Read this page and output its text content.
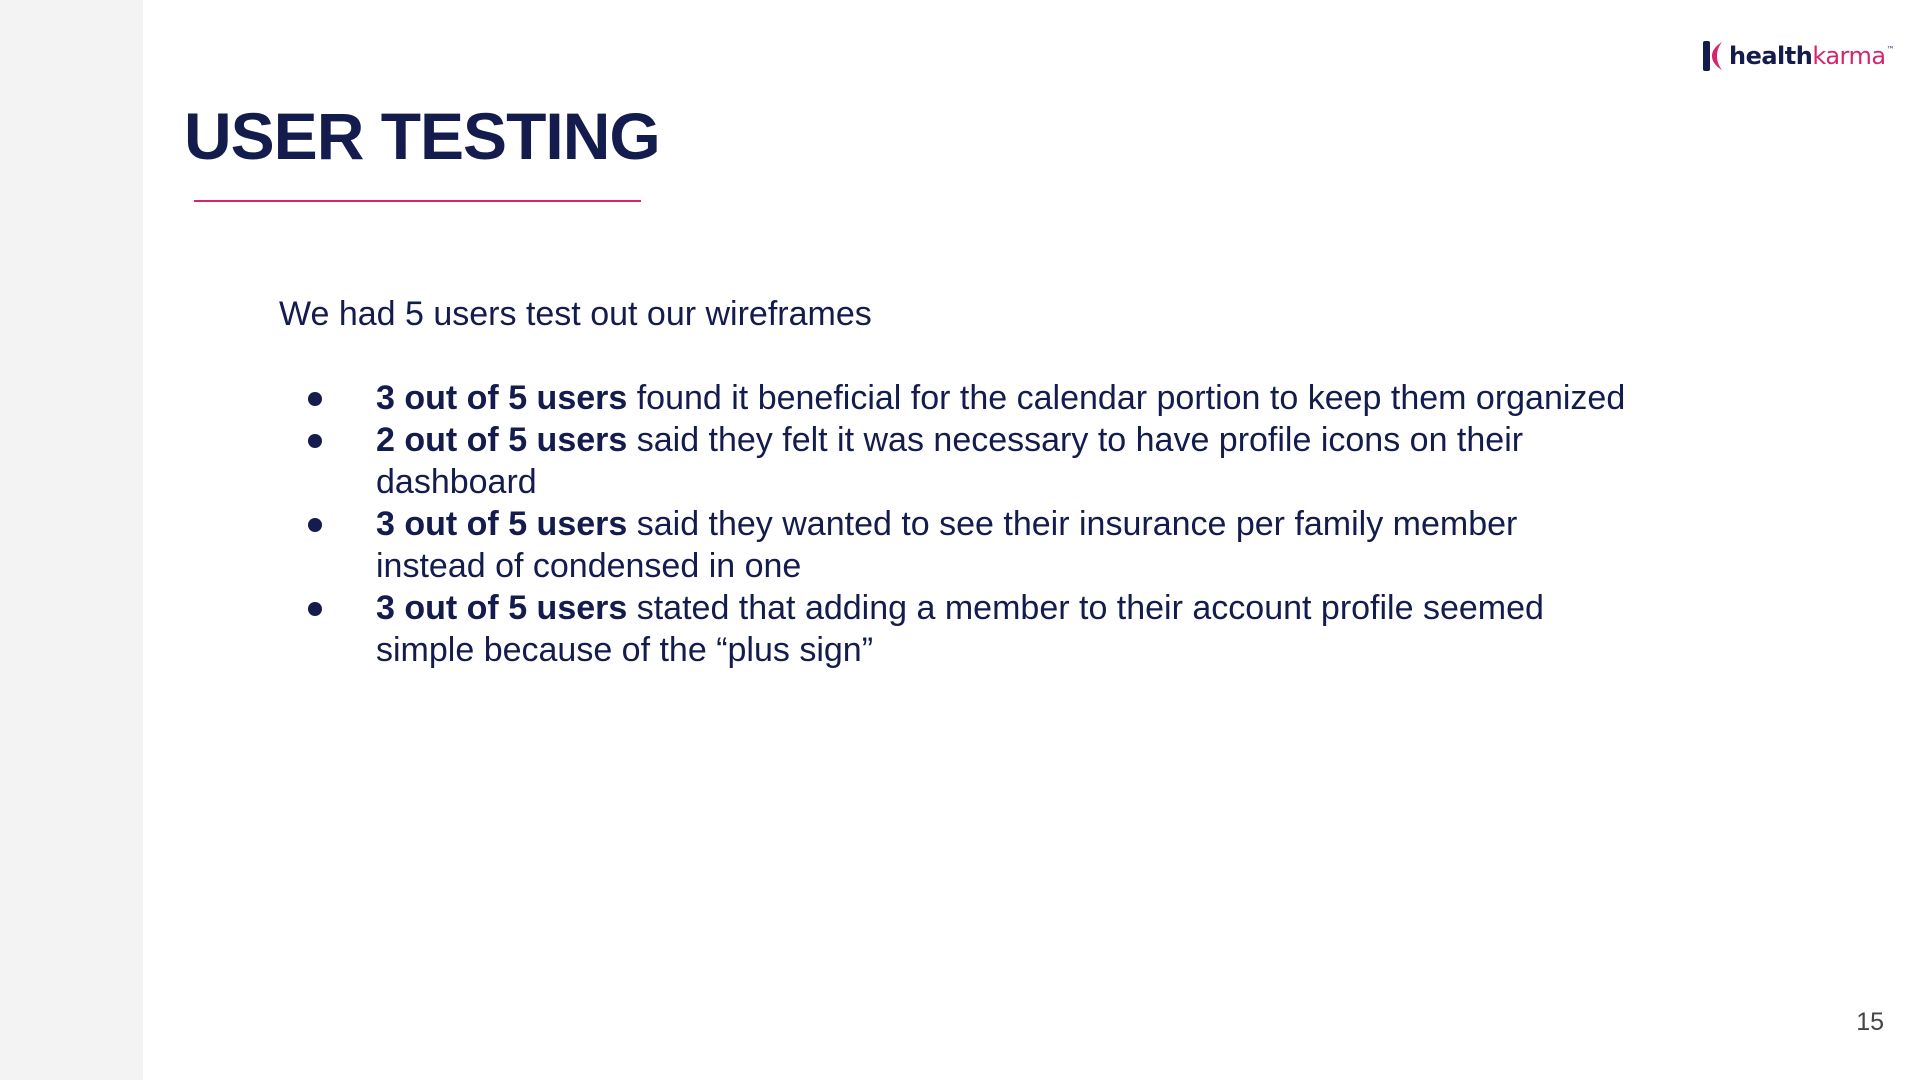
healthkarma™
USER TESTING
We had 5 users test out our wireframes
3 out of 5 users found it beneficial for the calendar portion to keep them organized
2 out of 5 users said they felt it was necessary to have profile icons on their dashboard
3 out of 5 users said they wanted to see their insurance per family member instead of condensed in one
3 out of 5 users stated that adding a member to their account profile seemed simple because of the “plus sign”
15
